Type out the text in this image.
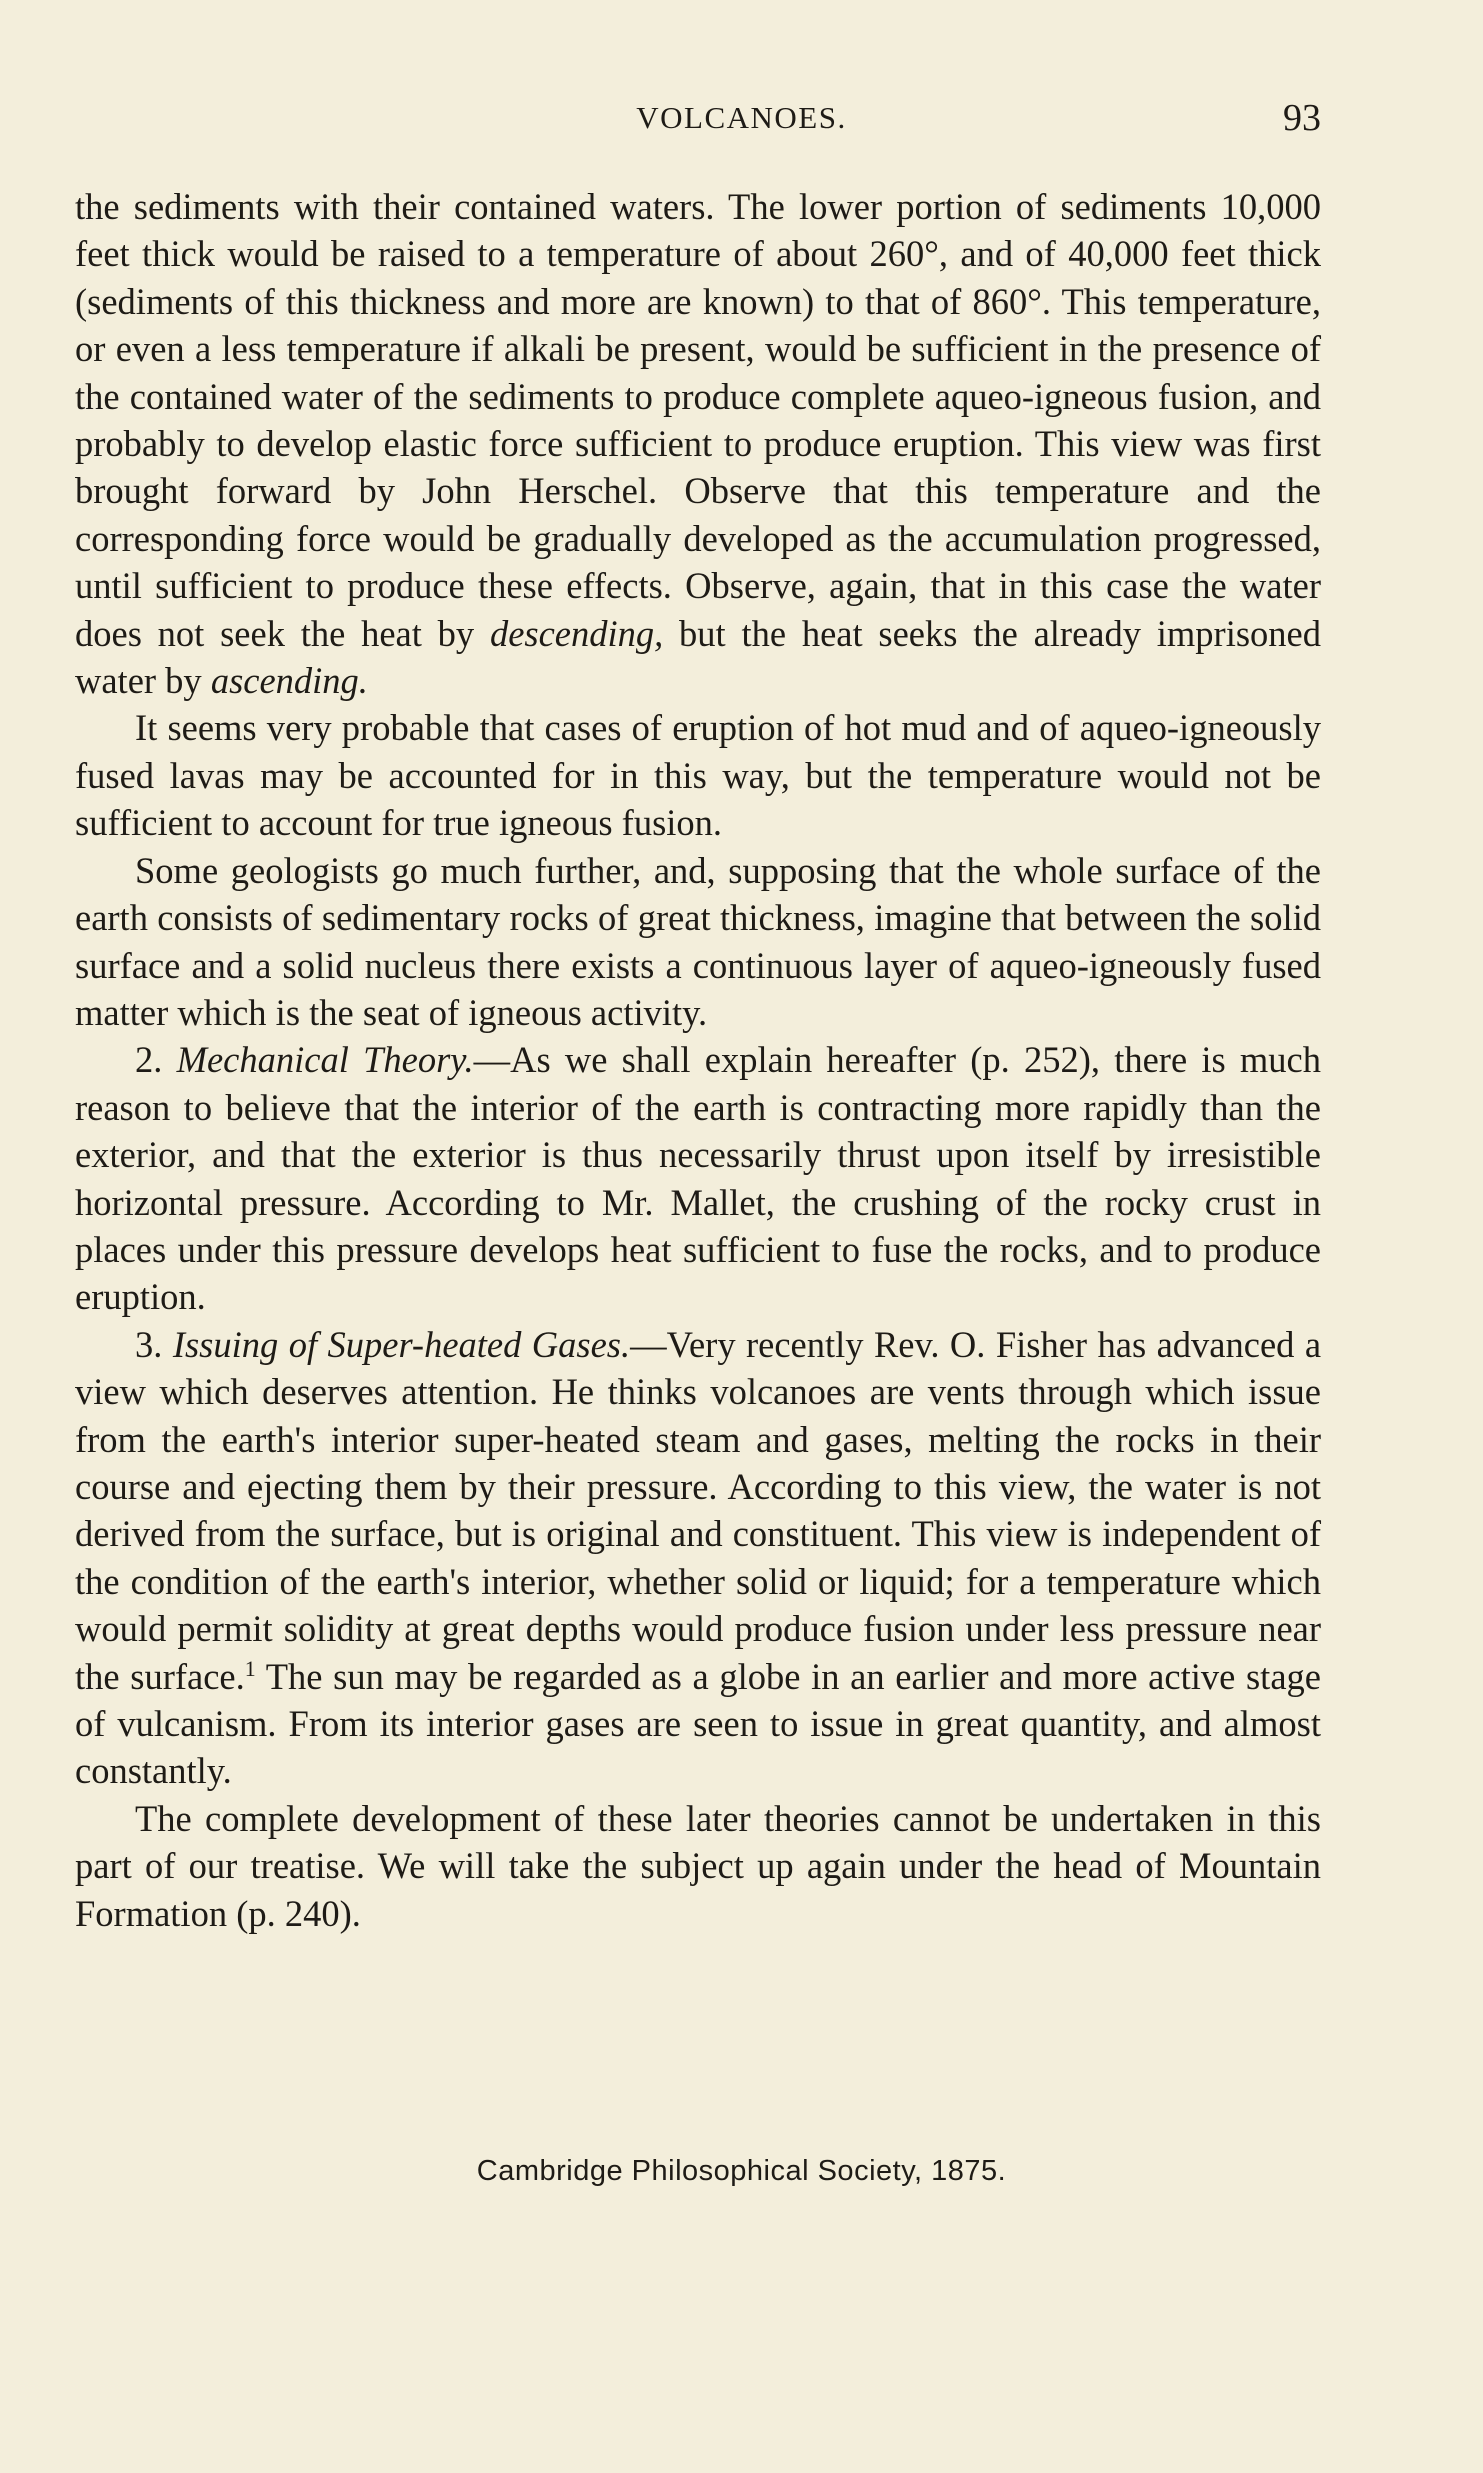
VOLCANOES.	93

the sediments with their contained waters. The lower portion of sediments 10,000 feet thick would be raised to a temperature of about 260°, and of 40,000 feet thick (sediments of this thickness and more are known) to that of 860°. This temperature, or even a less temperature if alkali be present, would be sufficient in the presence of the contained water of the sediments to produce complete aqueo-igneous fusion, and probably to develop elastic force sufficient to produce eruption. This view was first brought forward by John Herschel. Observe that this temperature and the corresponding force would be gradually developed as the accumulation progressed, until sufficient to produce these effects. Observe, again, that in this case the water does not seek the heat by descending, but the heat seeks the already imprisoned water by ascending.

It seems very probable that cases of eruption of hot mud and of aqueo-igneously fused lavas may be accounted for in this way, but the temperature would not be sufficient to account for true igneous fusion.

Some geologists go much further, and, supposing that the whole surface of the earth consists of sedimentary rocks of great thickness, imagine that between the solid surface and a solid nucleus there exists a continuous layer of aqueo-igneously fused matter which is the seat of igneous activity.

2. Mechanical Theory.—As we shall explain hereafter (p. 252), there is much reason to believe that the interior of the earth is contracting more rapidly than the exterior, and that the exterior is thus necessarily thrust upon itself by irresistible horizontal pressure. According to Mr. Mallet, the crushing of the rocky crust in places under this pressure develops heat sufficient to fuse the rocks, and to produce eruption.

3. Issuing of Super-heated Gases.—Very recently Rev. O. Fisher has advanced a view which deserves attention. He thinks volcanoes are vents through which issue from the earth's interior super-heated steam and gases, melting the rocks in their course and ejecting them by their pressure. According to this view, the water is not derived from the surface, but is original and constituent. This view is independent of the condition of the earth's interior, whether solid or liquid; for a temperature which would permit solidity at great depths would produce fusion under less pressure near the surface.$^1$ The sun may be regarded as a globe in an earlier and more active stage of vulcanism. From its interior gases are seen to issue in great quantity, and almost constantly.

The complete development of these later theories cannot be undertaken in this part of our treatise. We will take the subject up again under the head of Mountain Formation (p. 240).

Cambridge Philosophical Society, 1875.
